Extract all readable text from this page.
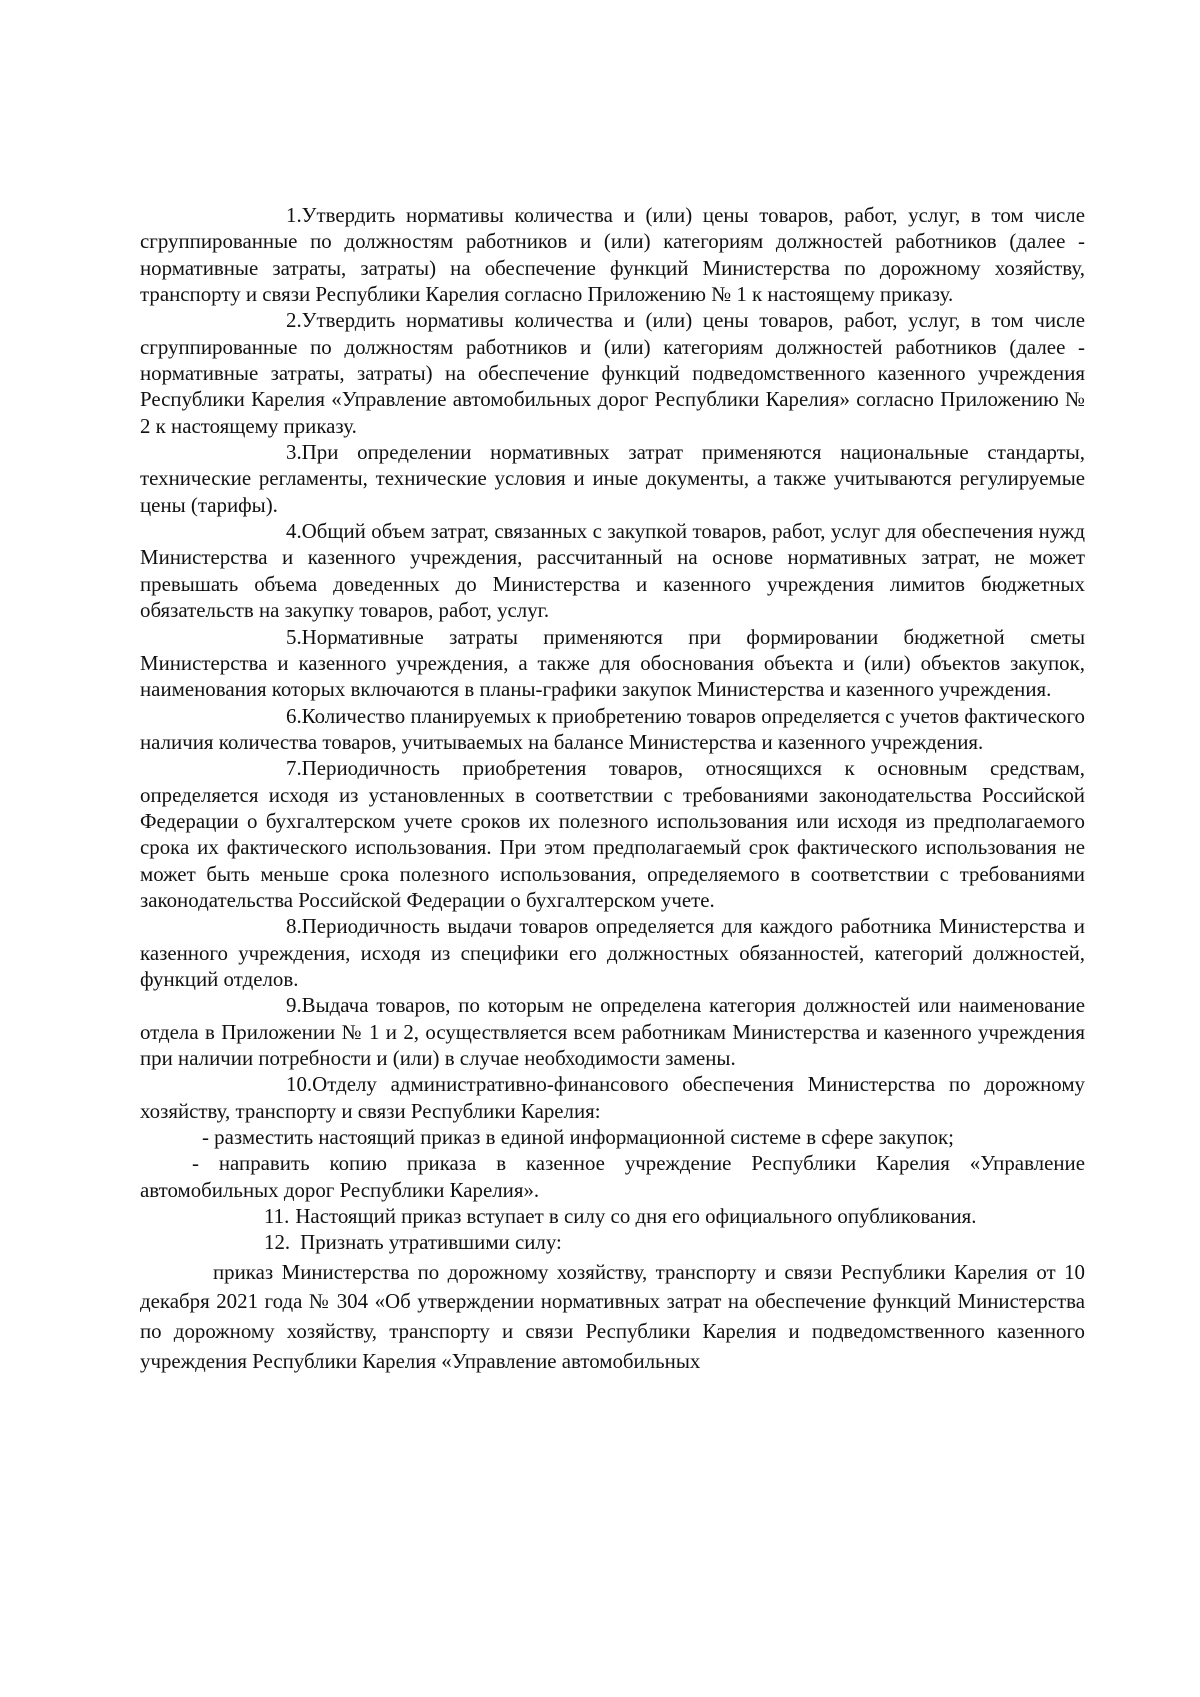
1.Утвердить нормативы количества и (или) цены товаров, работ, услуг, в том числе сгруппированные по должностям работников и (или) категориям должностей работников (далее - нормативные затраты, затраты) на обеспечение функций Министерства по дорожному хозяйству, транспорту и связи Республики Карелия согласно Приложению № 1 к настоящему приказу.

2.Утвердить нормативы количества и (или) цены товаров, работ, услуг, в том числе сгруппированные по должностям работников и (или) категориям должностей работников (далее - нормативные затраты, затраты) на обеспечение функций подведомственного казенного учреждения Республики Карелия «Управление автомобильных дорог Республики Карелия» согласно Приложению № 2 к настоящему приказу.

3.При определении нормативных затрат применяются национальные стандарты, технические регламенты, технические условия и иные документы, а также учитываются регулируемые цены (тарифы).

4.Общий объем затрат, связанных с закупкой товаров, работ, услуг для обеспечения нужд Министерства и казенного учреждения, рассчитанный на основе нормативных затрат, не может превышать объема доведенных до Министерства и казенного учреждения лимитов бюджетных обязательств на закупку товаров, работ, услуг.

5.Нормативные затраты применяются при формировании бюджетной сметы Министерства и казенного учреждения, а также для обоснования объекта и (или) объектов закупок, наименования которых включаются в планы-графики закупок Министерства и казенного учреждения.

6.Количество планируемых к приобретению товаров определяется с учетов фактического наличия количества товаров, учитываемых на балансе Министерства и казенного учреждения.

7.Периодичность приобретения товаров, относящихся к основным средствам, определяется исходя из установленных в соответствии с требованиями законодательства Российской Федерации о бухгалтерском учете сроков их полезного использования или исходя из предполагаемого срока их фактического использования. При этом предполагаемый срок фактического использования не может быть меньше срока полезного использования, определяемого в соответствии с требованиями законодательства Российской Федерации о бухгалтерском учете.

8.Периодичность выдачи товаров определяется для каждого работника Министерства и казенного учреждения, исходя из специфики его должностных обязанностей, категорий должностей, функций отделов.

9.Выдача товаров, по которым не определена категория должностей или наименование отдела в Приложении № 1 и 2, осуществляется всем работникам Министерства и казенного учреждения при наличии потребности и (или) в случае необходимости замены.

10.Отделу административно-финансового обеспечения Министерства по дорожному хозяйству, транспорту и связи Республики Карелия:

- разместить настоящий приказ в единой информационной системе в сфере закупок;

- направить копию приказа в казенное учреждение Республики Карелия «Управление автомобильных дорог Республики Карелия».

11. Настоящий приказ вступает в силу со дня его официального опубликования.

12. Признать утратившими силу:

приказ Министерства по дорожному хозяйству, транспорту и связи Республики Карелия от 10 декабря 2021 года № 304 «Об утверждении нормативных затрат на обеспечение функций Министерства по дорожному хозяйству, транспорту и связи Республики Карелия и подведомственного казенного учреждения Республики Карелия «Управление автомобильных
